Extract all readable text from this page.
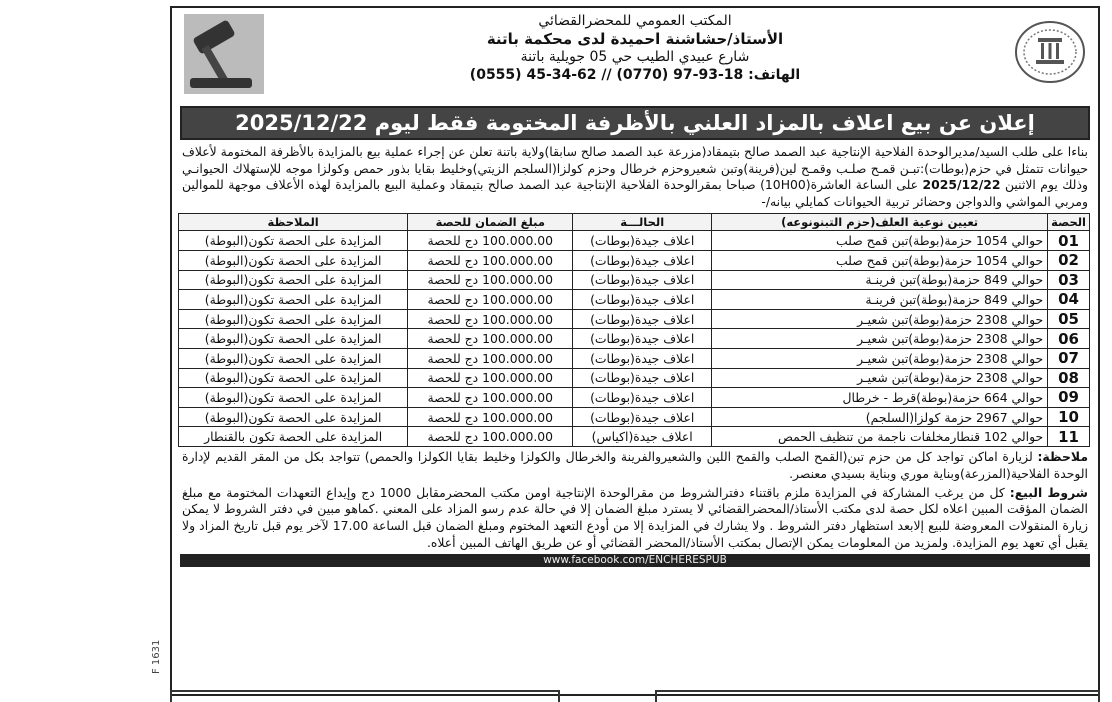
F 1631
المكتب العمومي للمحضرالقضائي
الأستاذ/حشاشنة احميدة لدى محكمة باتنة
شارع عبيدي الطيب حي 05 جويلية باتنة
الهاتف: 18-93-97 (0770) // 62-34-45 (0555)
إعلان عن بيع اعلاف بالمزاد العلني بالأظرفة المختومة فقط ليوم 2025/12/22
بناءا على طلب السيد/مديرالوحدة الفلاحية الإنتاجية عبد الصمد صالح بتيمقاد(مزرعة عبد الصمد صالح سابقا)ولاية باتنة تعلن عن إجراء عملية بيع بالمزايدة بالأظرفة المختومة لأعلاف حيوانات تتمثل في حزم(بوطات):تبـن قمـح صلـب وقمـح لين(فرينة)وتبن شعيروحزم خرطال وحزم كولزا(السلجم الزيتي)وخليط بقايا بذور حمص وكولزا موجه للإستهلاك الحيوانـي وذلك يوم الاثنين 2025/12/22 على الساعة العاشرة(10H00) صباحا بمقرالوحدة الفلاحية الإنتاجية عبد الصمد صالح بتيمقاد وعملية البيع بالمزايدة لهذه الأعلاف موجهة للموالين ومربي المواشي والدواجن وحضائر تربية الحيوانات كمايلي بيانه/-
الحصة	تعيين نوعية العلف(حزم التبنونوعه)	الحالـــة	مبلغ الضمان للحصة	الملاحظة
01	حوالي 1054 حزمة(بوطة)تبن قمح صلب	اعلاف جيدة(بوطات)	100.000.00 دج للحصة	المزايدة على الحصة تكون(البوطة)
02	حوالي 1054 حزمة(بوطة)تبن قمح صلب	اعلاف جيدة(بوطات)	100.000.00 دج للحصة	المزايدة على الحصة تكون(البوطة)
03	حوالي 849 حزمة(بوطة)تبن فرينـة	اعلاف جيدة(بوطات)	100.000.00 دج للحصة	المزايدة على الحصة تكون(البوطة)
04	حوالي 849 حزمة(بوطة)تبن فرينـة	اعلاف جيدة(بوطات)	100.000.00 دج للحصة	المزايدة على الحصة تكون(البوطة)
05	حوالي 2308 حزمة(بوطة)تبن شعيـر	اعلاف جيدة(بوطات)	100.000.00 دج للحصة	المزايدة على الحصة تكون(البوطة)
06	حوالي 2308 حزمة(بوطة)تبن شعيـر	اعلاف جيدة(بوطات)	100.000.00 دج للحصة	المزايدة على الحصة تكون(البوطة)
07	حوالي 2308 حزمة(بوطة)تبن شعيـر	اعلاف جيدة(بوطات)	100.000.00 دج للحصة	المزايدة على الحصة تكون(البوطة)
08	حوالي 2308 حزمة(بوطة)تبن شعيـر	اعلاف جيدة(بوطات)	100.000.00 دج للحصة	المزايدة على الحصة تكون(البوطة)
09	حوالي 664 حزمة(بوطة)قرط - خرطال	اعلاف جيدة(بوطات)	100.000.00 دج للحصة	المزايدة على الحصة تكون(البوطة)
10	حوالي 2967 حزمة كولزا(السلجم)	اعلاف جيدة(بوطات)	100.000.00 دج للحصة	المزايدة على الحصة تكون(البوطة)
11	حوالي 102 قنطارمخلفات ناجمة من تنظيف الحمص	اعلاف جيدة(اكياس)	100.000.00 دج للحصة	المزايدة على الحصة تكون بالقنطار
ملاحظة: لزيارة اماكن تواجد كل من حزم تبن(القمح الصلب والقمح اللين والشعيروالفرينة والخرطال والكولزا وخليط بقايا الكولزا والحمص) تتواجد بكل من المقر القديم لإدارة الوحدة الفلاحية(المزرعة)وبناية موري وبناية بسيدي معنصر.
شروط البيع: كل من يرغب المشاركة في المزايدة ملزم باقتناء دفترالشروط من مقرالوحدة الإنتاجية اومن مكتب المحضرمقابل 1000 دج وإيداع التعهدات المختومة مع مبلغ الضمان المؤقت المبين اعلاه لكل حصة لدى مكتب الأستاذ/المحضرالقضائي لا يسترد مبلغ الضمان إلا في حالة عدم رسو المزاد على المعني .كماهو مبين في دفتر الشروط لا يمكن زيارة المنقولات المعروضة للبيع إلابعد استظهار دفتر الشروط . ولا يشارك في المزايدة إلا من أودع التعهد المختوم ومبلغ الضمان قبل الساعة 17.00 لآخر يوم قبل تاريخ المزاد ولا يقبل أي تعهد يوم المزايدة. ولمزيد من المعلومات يمكن الإتصال بمكتب الأستاذ/المحضر القضائي أو عن طريق الهاتف المبين أعلاه.
www.facebook.com/ENCHERESPUB
